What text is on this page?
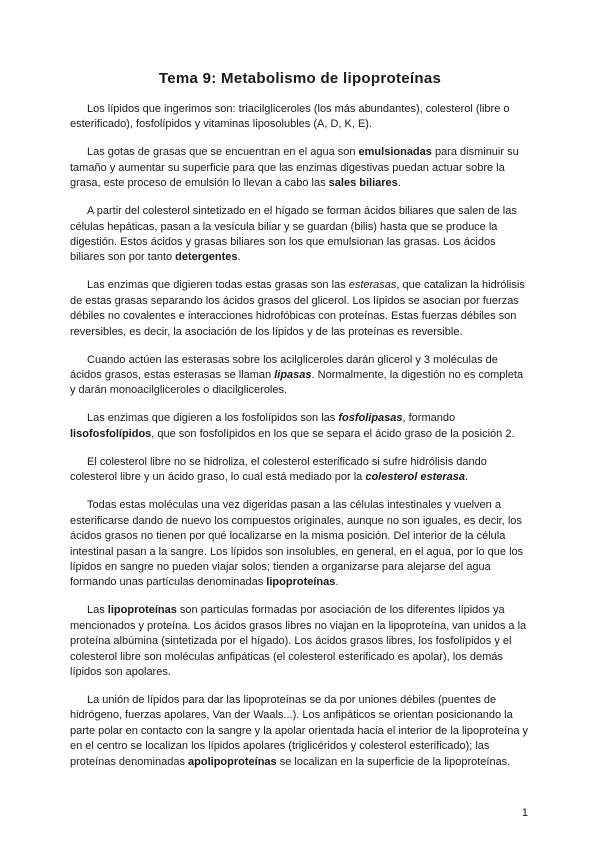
Tema 9: Metabolismo de lipoproteínas

Los lípidos que ingerimos son: triacilgliceroles (los más abundantes), colesterol (libre o esterificado), fosfolípidos y vitaminas liposolubles (A, D, K, E).

Las gotas de grasas que se encuentran en el agua son emulsionadas para disminuir su tamaño y aumentar su superficie para que las enzimas digestivas puedan actuar sobre la grasa, este proceso de emulsión lo llevan a cabo las sales biliares.

A partir del colesterol sintetizado en el hígado se forman ácidos biliares que salen de las células hepáticas, pasan a la vesícula biliar y se guardan (bilis) hasta que se produce la digestión. Estos ácidos y grasas biliares son los que emulsionan las grasas. Los ácidos biliares son por tanto detergentes.

Las enzimas que digieren todas estas grasas son las esterasas, que catalizan la hidrólisis de estas grasas separando los ácidos grasos del glicerol. Los lípidos se asocian por fuerzas débiles no covalentes e interacciones hidrofóbicas con proteínas. Estas fuerzas débiles son reversibles, es decir, la asociación de los lípidos y de las proteínas es reversible.

Cuando actúen las esterasas sobre los acilgliceroles darán glicerol y 3 moléculas de ácidos grasos, estas esterasas se llaman lipasas. Normalmente, la digestión no es completa y darán monoacilgliceroles o diacilgliceroles.

Las enzimas que digieren a los fosfolípidos son las fosfolipasas, formando lisofosfolípidos, que son fosfolípidos en los que se separa el ácido graso de la posición 2.

El colesterol libre no se hidroliza, el colesterol esterificado si sufre hidrólisis dando colesterol libre y un ácido graso, lo cual está mediado por la colesterol esterasa.

Todas estas moléculas una vez digeridas pasan a las células intestinales y vuelven a esterificarse dando de nuevo los compuestos originales, aunque no son iguales, es decir, los ácidos grasos no tienen por qué localizarse en la misma posición. Del interior de la célula intestinal pasan a la sangre. Los lípidos son insolubles, en general, en el agua, por lo que los lípidos en sangre no pueden viajar solos; tienden a organizarse para alejarse del agua formando unas partículas denominadas lipoproteínas.

Las lipoproteínas son partículas formadas por asociación de los diferentes lípidos ya mencionados y proteína. Los ácidos grasos libres no viajan en la lipoproteína, van unidos a la proteína albúmina (sintetizada por el hígado). Los ácidos grasos libres, los fosfolípidos y el colesterol libre son moléculas anfipáticas (el colesterol esterificado es apolar), los demás lípidos son apolares.

La unión de lípidos para dar las lipoproteínas se da por uniones débiles (puentes de hidrógeno, fuerzas apolares, Van der Waals...). Los anfipáticos se orientan posicionando la parte polar en contacto con la sangre y la apolar orientada hacia el interior de la lipoproteína y en el centro se localizan los lípidos apolares (triglicéridos y colesterol esterificado); las proteínas denominadas apolipoproteínas se localizan en la superficie de la lipoproteínas.

1
